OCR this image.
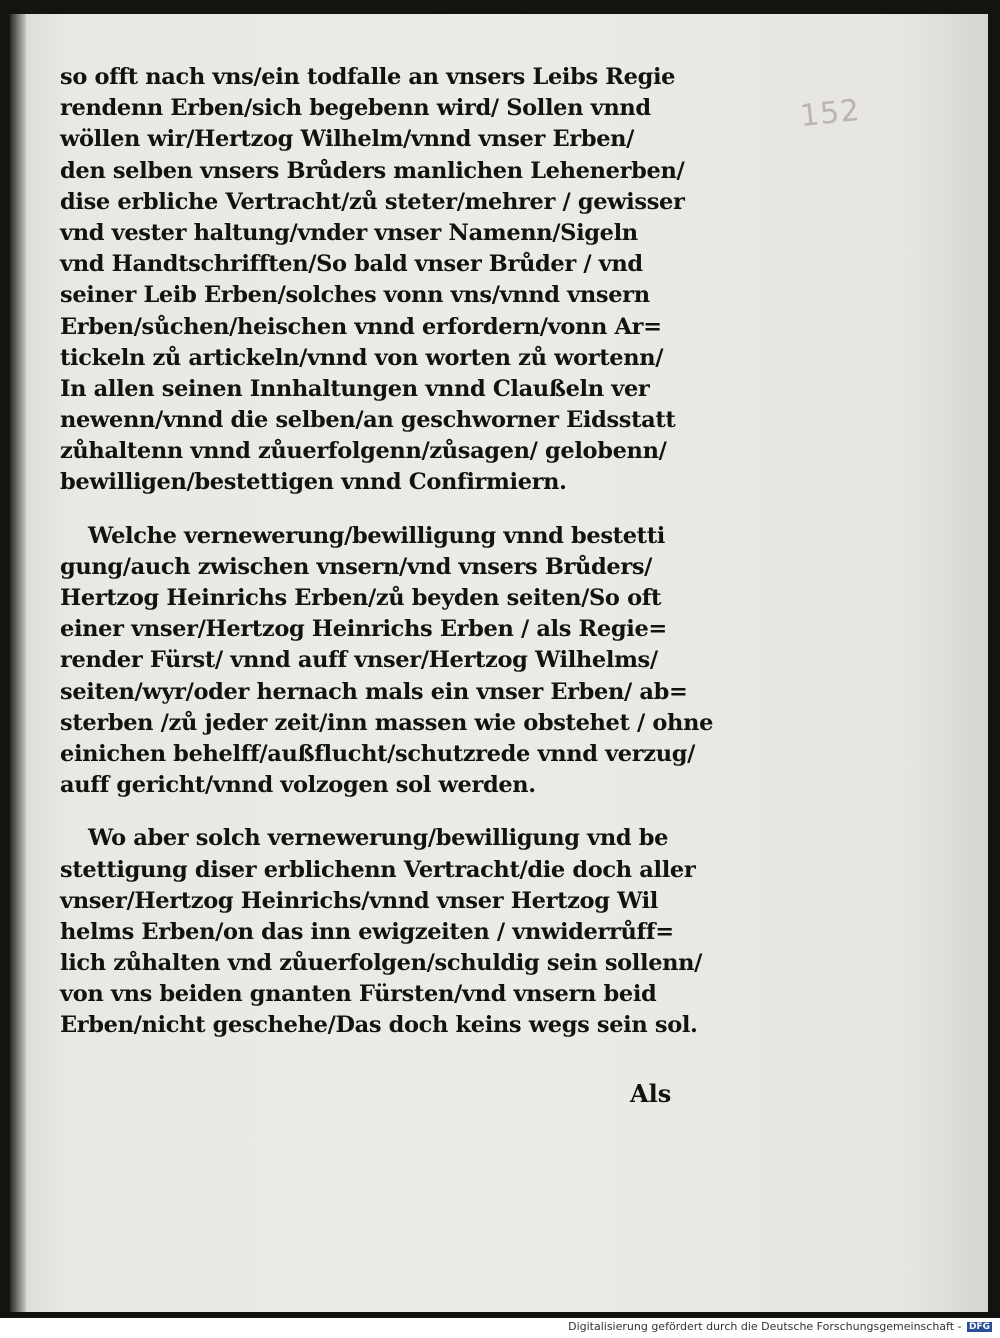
152
so offt nach vns/ein todfalle an vnsers Leibs Regie
rendenn Erben/sich begebenn wird/ Sollen vnnd
wöllen wir/Hertzog Wilhelm/vnnd vnser Erben/
den selben vnsers Brůders manlichen Lehenerben/
dise erbliche Vertracht/zů steter/mehrer / gewisser
vnd vester haltung/vnder vnser Namenn/Sigeln
vnd Handtschrifften/So bald vnser Brůder / vnd
seiner Leib Erben/solches vonn vns/vnnd vnsern
Erben/sůchen/heischen vnnd erfordern/vonn Ar=
tickeln zů artickeln/vnnd von worten zů wortenn/
In allen seinen Innhaltungen vnnd Claußeln ver
newenn/vnnd die selben/an geschworner Eidsstatt
zůhaltenn vnnd zůuerfolgenn/zůsagen/ gelobenn/
bewilligen/bestettigen vnnd Confirmiern.
Welche vernewerung/bewilligung vnnd bestetti
gung/auch zwischen vnsern/vnd vnsers Brůders/
Hertzog Heinrichs Erben/zů beyden seiten/So oft
einer vnser/Hertzog Heinrichs Erben / als Regie=
render Fürst/ vnnd auff vnser/Hertzog Wilhelms/
seiten/wyr/oder hernach mals ein vnser Erben/ ab=
sterben /zů jeder zeit/inn massen wie obstehet / ohne
einichen behelff/außflucht/schutzrede vnnd verzug/
auff gericht/vnnd volzogen sol werden.
Wo aber solch vernewerung/bewilligung vnd be
stettigung diser erblichenn Vertracht/die doch aller
vnser/Hertzog Heinrichs/vnnd vnser Hertzog Wil
helms Erben/on das inn ewigzeiten / vnwiderrůff=
lich zůhalten vnd zůuerfolgen/schuldig sein sollenn/
von vns beiden gnanten Fürsten/vnd vnsern beid
Erben/nicht geschehe/Das doch keins wegs sein sol.
Als
Digitalisierung gefördert durch die Deutsche Forschungsgemeinschaft - DFG
